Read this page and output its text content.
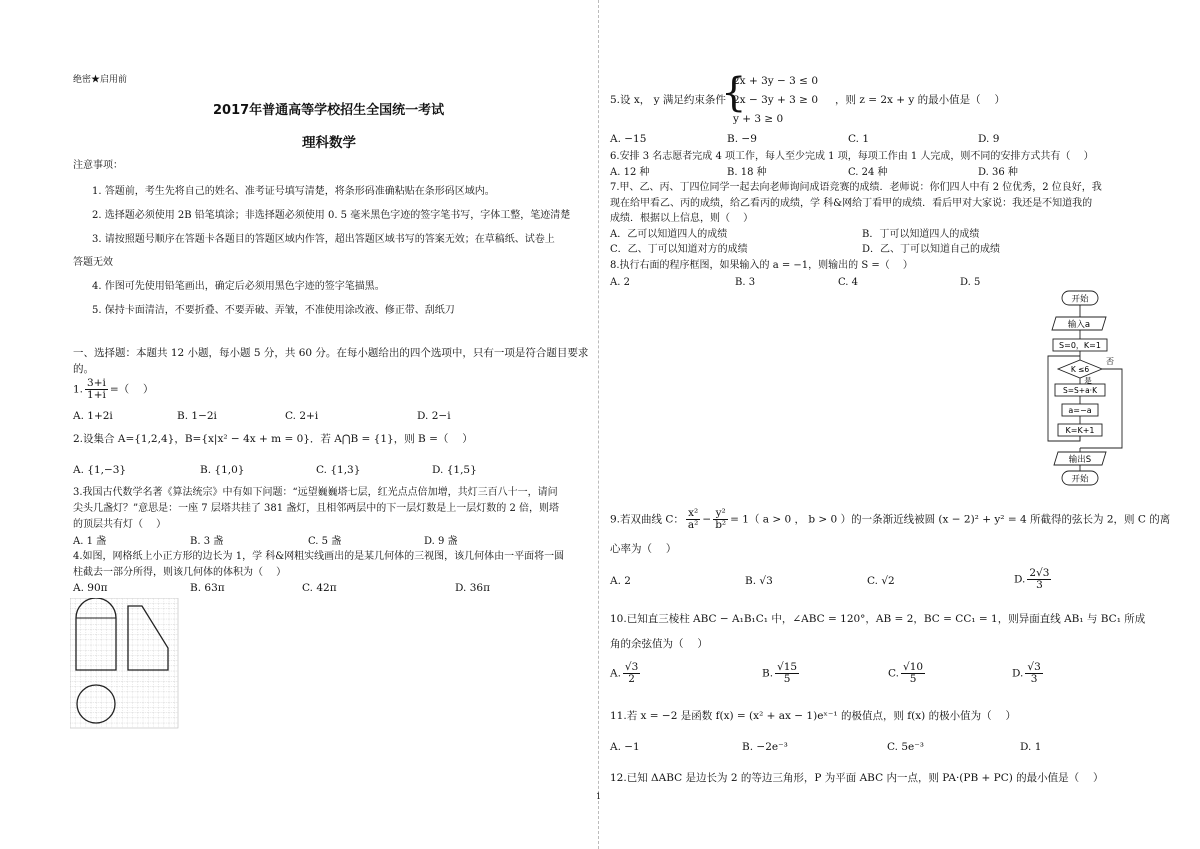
绝密★启用前
2017年普通高等学校招生全国统一考试
理科数学
注意事项：
1. 答题前，考生先将自己的姓名、准考证号填写清楚，将条形码准确粘贴在条形码区域内。
2. 选择题必须使用 2B 铅笔填涂；非选择题必须使用 0. 5 毫米黑色字迹的签字笔书写，字体工整，笔迹清楚
3. 请按照题号顺序在答题卡各题目的答题区域内作答，超出答题区域书写的答案无效；在草稿纸、试卷上
答题无效
4. 作图可先使用铅笔画出，确定后必须用黑色字迹的签字笔描黑。
5. 保持卡面清洁，不要折叠、不要弄破、弄皱，不准使用涂改液、修正带、刮纸刀
一、选择题：本题共 12 小题，每小题 5 分，共 60 分。在每小题给出的四个选项中，只有一项是符合题目要求
的。
1. $\frac{3+i}{1+i}$ =（　 ）
A. 1+2i	B. 1−2i	C. 2+i	D. 2−i
2.设集合 A={1,2,4}，B={x|x² − 4x + m = 0}．若 A⋂B = {1}，则 B =（　 ）
A. {1,−3}	B. {1,0}	C. {1,3}	D. {1,5}
3.我国古代数学名著《算法统宗》中有如下问题：“远望巍巍塔七层，红光点点倍加增，共灯三百八十一，请问
尖头几盏灯？”意思是：一座 7 层塔共挂了 381 盏灯，且相邻两层中的下一层灯数是上一层灯数的 2 倍，则塔
的顶层共有灯（　 ）
A. 1 盏	B. 3 盏	C. 5 盏	D. 9 盏
4.如图，网格纸上小正方形的边长为 1，学 科&网粗实线画出的是某几何体的三视图，该几何体由一平面将一圆
柱截去一部分所得，则该几何体的体积为（　 ）
A. 90π	B. 63π	C. 42π	D. 36π
5.设 x， y 满足约束条件
{
2x + 3y − 3 ≤ 0
2x − 3y + 3 ≥ 0
y + 3 ≥ 0
，则 z = 2x + y 的最小值是（　 ）
A. −15	B. −9	C. 1	D. 9
6.安排 3 名志愿者完成 4 项工作，每人至少完成 1 项，每项工作由 1 人完成，则不同的安排方式共有（　 ）
A. 12 种	B. 18 种	C. 24 种	D. 36 种
7.甲、乙、丙、丁四位同学一起去向老师询问成语竞赛的成绩．老师说：你们四人中有 2 位优秀，2 位良好，我
现在给甲看乙、丙的成绩，给乙看丙的成绩，学 科&网给丁看甲的成绩．看后甲对大家说：我还是不知道我的
成绩．根据以上信息，则（　 ）
A．乙可以知道四人的成绩	B．丁可以知道四人的成绩
C．乙、丁可以知道对方的成绩	D．乙、丁可以知道自己的成绩
8.执行右面的程序框图，如果输入的 a = −1，则输出的 S =（　 ）
A. 2	B. 3	C. 4	D. 5
开始
输入a
S=0，K=1
否
K ≤6
是
S=S+a·K
a=−a
K=K+1
输出S
开始
9.若双曲线 C： $\frac{\text{x²}}{\text{a²}} - \frac{\text{y²}}{\text{b²}} = 1$（ a > 0 ， b > 0 ）的一条渐近线被圆 (x − 2)² + y² = 4 所截得的弦长为 2，则 C 的离
心率为（　 ）
A. 2	B. √3	C. √2	D. $\frac{2√3}{3}$
10.已知直三棱柱 ABC − A₁B₁C₁ 中，∠ABC = 120°，AB = 2，BC = CC₁ = 1，则异面直线 AB₁ 与 BC₁ 所成
角的余弦值为（　 ）
A. $\frac{√3}{2}$	B. $\frac{√15}{5}$	C. $\frac{√10}{5}$	D. $\frac{√3}{3}$
11.若 x = −2 是函数 f(x) = (x² + ax − 1)eˣ⁻¹ 的极值点，则 f(x) 的极小值为（　 ）
A. −1	B. −2e⁻³	C. 5e⁻³	D. 1
12.已知 ΔABC 是边长为 2 的等边三角形，P 为平面 ABC 内一点，则 PA·(PB + PC) 的最小值是（　 ）
1
